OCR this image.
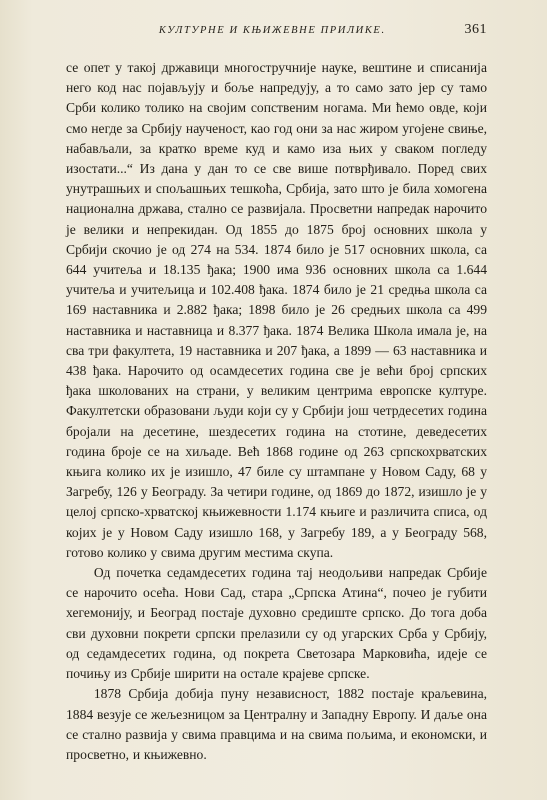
КУЛТУРНЕ И КЊИЖЕВНЕ ПРИЛИКЕ.	361

се опет у такој државици многостручније науке, вештине и списанија него код нас појављују и боље напредују, а то само зато јер су тамо Срби колико толико на својим сопственим ногама. Ми ћемо овде, који смо негде за Србију наученост, као год они за нас жиром угојене свиње, набављали, за кратко време куд и камо иза њих у сваком погледу изостати...“ Из дана у дан то се све више потврђивало. Поред свих унутрашњих и спољашњих тешкоћа, Србија, зато што је била хомогена национална држава, стално се развијала. Просветни напредак нарочито је велики и непрекидан. Од 1855 до 1875 број основних школа у Србији скочио је од 274 на 534. 1874 било је 517 основних школа, са 644 учитеља и 18.135 ђака; 1900 има 936 основних школа са 1.644 учитеља и учитељица и 102.408 ђака. 1874 било је 21 средња школа са 169 наставника и 2.882 ђака; 1898 било је 26 средњих школа са 499 наставника и наставница и 8.377 ђака. 1874 Велика Школа имала је, на сва три факултета, 19 наставника и 207 ђака, а 1899 — 63 наставника и 438 ђака. Нарочито од осамдесетих година све је већи број српских ђака школованих на страни, у великим центрима европске културе. Факултетски образовани људи који су у Србији још четрдесетих година бројали на десетине, шездесетих година на стотине, деведесетих година броје се на хиљаде. Већ 1868 године од 263 српскохрватских књига колико их је изишло, 47 биле су штампане у Новом Саду, 68 у Загребу, 126 у Београду. За четири године, од 1869 до 1872, изишло је у целој српско-хрватској књижевности 1.174 књиге и различита списа, од којих је у Новом Саду изишло 168, у Загребу 189, а у Београду 568, готово колико у свима другим местима скупа.

Од почетка седамдесетих година тај неодољиви напредак Србије се нарочито осећа. Нови Сад, стара „Српска Атина“, почео је губити хегемонију, и Београд постаје духовно средиште српско. До тога доба сви духовни покрети српски прелазили су од угарских Срба у Србију, од седамдесетих година, од покрета Светозара Марковића, идеје се почињу из Србије ширити на остале крајеве српске.

1878 Србија добија пуну независност, 1882 постаје краљевина, 1884 везује се жељезницом за Централну и Западну Европу. И даље она се стално развија у свима правцима и на свима пољима, и економски, и просветно, и књижевно.
